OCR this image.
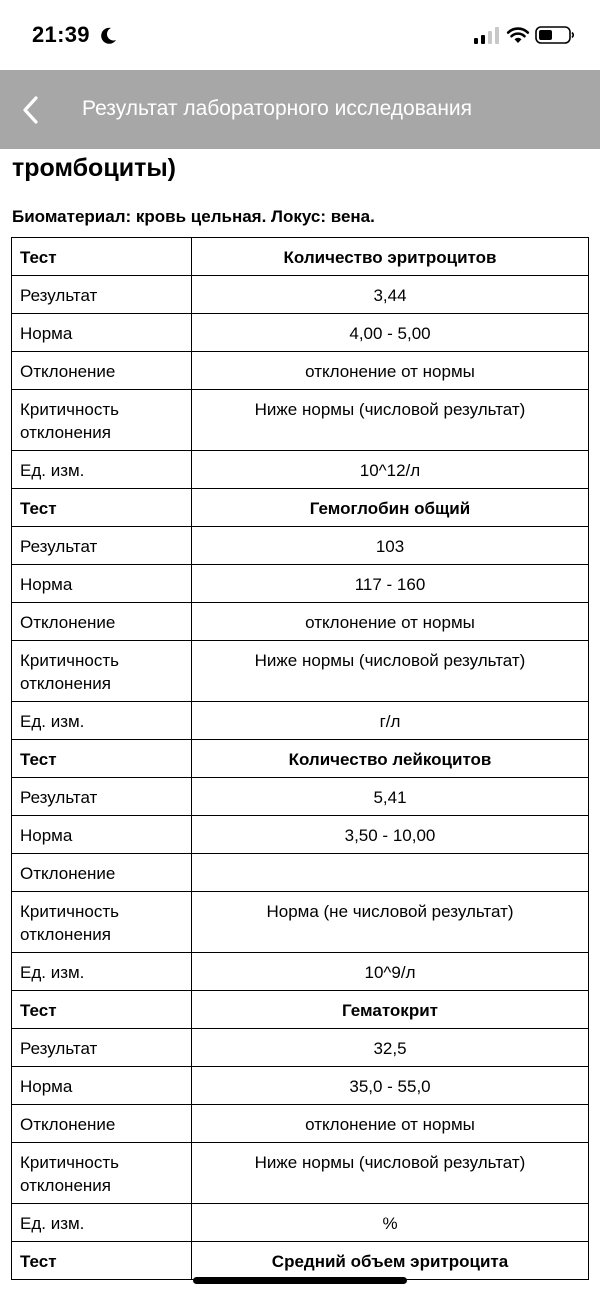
21:39
Результат лабораторного исследования
тромбоциты)
Биоматериал: кровь цельная. Локус: вена.
Тест	Количество эритроцитов
Результат	3,44
Норма	4,00 - 5,00
Отклонение	отклонение от нормы
Критичность отклонения	Ниже нормы (числовой результат)
Ед. изм.	10^12/л
Тест	Гемоглобин общий
Результат	103
Норма	117 - 160
Отклонение	отклонение от нормы
Критичность отклонения	Ниже нормы (числовой результат)
Ед. изм.	г/л
Тест	Количество лейкоцитов
Результат	5,41
Норма	3,50 - 10,00
Отклонение	
Критичность отклонения	Норма (не числовой результат)
Ед. изм.	10^9/л
Тест	Гематокрит
Результат	32,5
Норма	35,0 - 55,0
Отклонение	отклонение от нормы
Критичность отклонения	Ниже нормы (числовой результат)
Ед. изм.	%
Тест	Средний объем эритроцита
